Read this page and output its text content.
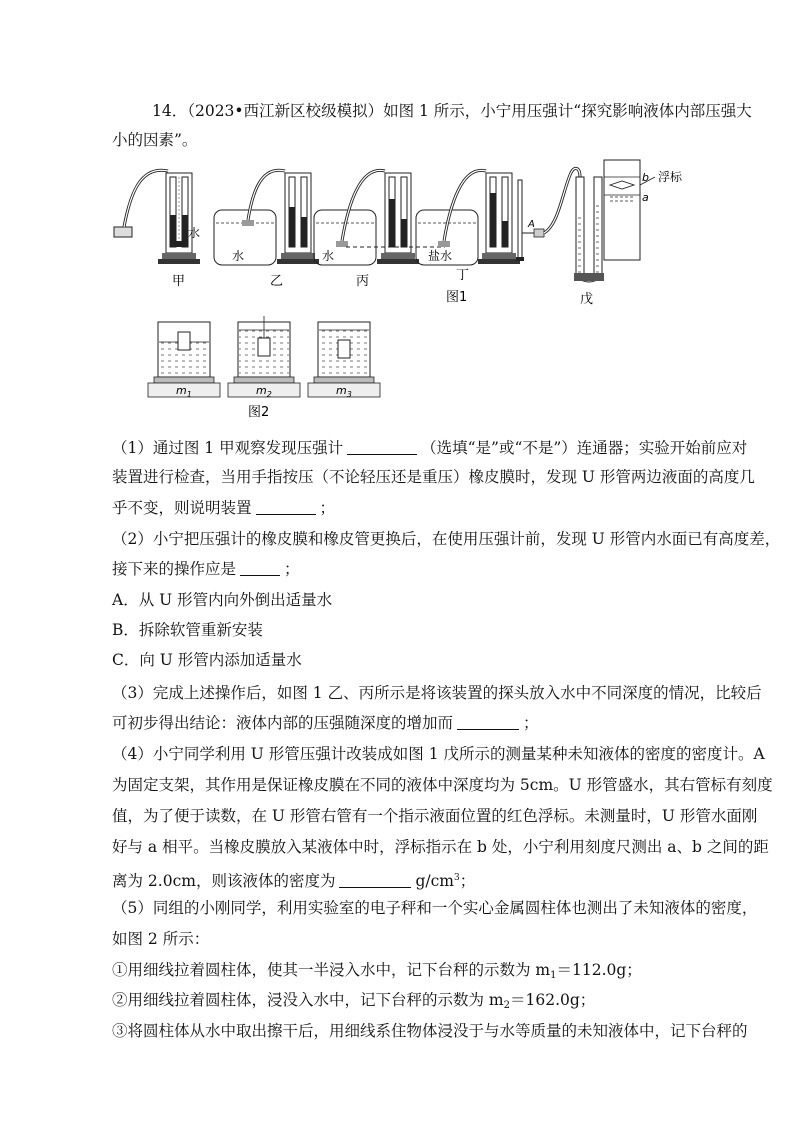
14．（2023•西江新区校级模拟）如图 1 所示，小宁用压强计“探究影响液体内部压强大
小的因素”。
水
甲
水
乙
水
丙
盐水
丁
图1
A
b
a
浮标
戊
$m_1$	$m_2$	$m_3$
图2
（1）通过图 1 甲观察发现压强计	（选填“是”或“不是”）连通器；实验开始前应对
装置进行检查，当用手指按压（不论轻压还是重压）橡皮膜时，发现 U 形管两边液面的高度几
乎不变，则说明装置	；
（2）小宁把压强计的橡皮膜和橡皮管更换后，在使用压强计前，发现 U 形管内水面已有高度差，
接下来的操作应是	；
A．从 U 形管内向外倒出适量水
B．拆除软管重新安装
C．向 U 形管内添加适量水
（3）完成上述操作后，如图 1 乙、丙所示是将该装置的探头放入水中不同深度的情况，比较后
可初步得出结论：液体内部的压强随深度的增加而	；
（4）小宁同学利用 U 形管压强计改装成如图 1 戊所示的测量某种未知液体的密度的密度计。A
为固定支架，其作用是保证橡皮膜在不同的液体中深度均为 5cm。U 形管盛水，其右管标有刻度
值，为了便于读数，在 U 形管右管有一个指示液面位置的红色浮标。未测量时，U 形管水面刚
好与 a 相平。当橡皮膜放入某液体中时，浮标指示在 b 处，小宁利用刻度尺测出 a、b 之间的距
离为 2.0cm，则该液体的密度为	$g/cm^3$；
（5）同组的小刚同学，利用实验室的电子秤和一个实心金属圆柱体也测出了未知液体的密度，
如图 2 所示：
①用细线拉着圆柱体，使其一半浸入水中，记下台秤的示数为 $m_1=112.0g$；
②用细线拉着圆柱体，浸没入水中，记下台秤的示数为 $m_2=162.0g$；
③将圆柱体从水中取出擦干后，用细线系住物体浸没于与水等质量的未知液体中，记下台秤的
